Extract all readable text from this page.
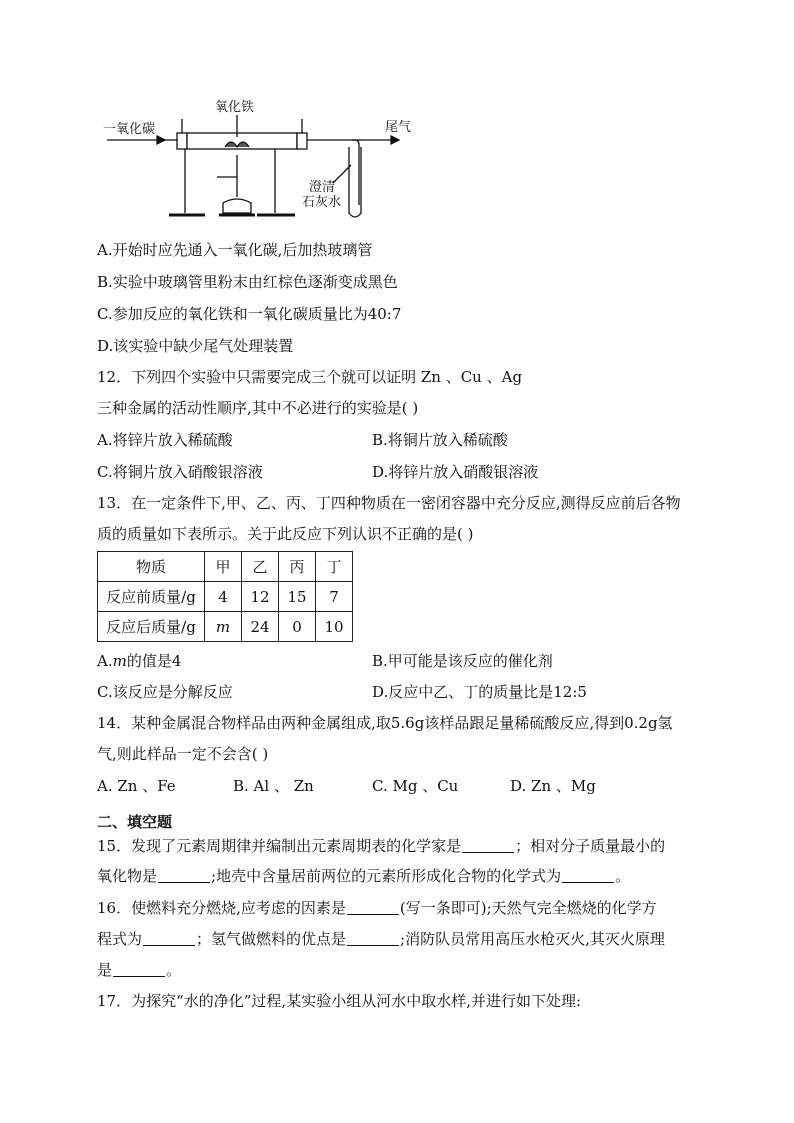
一氧化碳
氧化铁
尾气
澄清
石灰水
A.开始时应先通入一氧化碳,后加热玻璃管
B.实验中玻璃管里粉末由红棕色逐渐变成黑色
C.参加反应的氧化铁和一氧化碳质量比为40:7
D.该实验中缺少尾气处理装置
12．下列四个实验中只需要完成三个就可以证明 Zn 、Cu 、Ag
三种金属的活动性顺序,其中不必进行的实验是( )
A.将锌片放入稀硫酸	B.将铜片放入稀硫酸
C.将铜片放入硝酸银溶液	D.将锌片放入硝酸银溶液
13．在一定条件下,甲、乙、丙、丁四种物质在一密闭容器中充分反应,测得反应前后各物
质的质量如下表所示。关于此反应下列认识不正确的是( )
物质	甲	乙	丙	丁
反应前质量/g	4	12	15	7
反应后质量/g	m	24	0	10
A.m的值是4	B.甲可能是该反应的催化剂
C.该反应是分解反应	D.反应中乙、丁的质量比是12:5
14．某种金属混合物样品由两种金属组成,取5.6g该样品跟足量稀硫酸反应,得到0.2g氢
气,则此样品一定不会含( )
A. Zn 、Fe	B. Al 、 Zn	C. Mg 、Cu	D. Zn 、Mg
二、填空题
15．发现了元素周期律并编制出元素周期表的化学家是	；相对分子质量最小的
氧化物是	;地壳中含量居前两位的元素所形成化合物的化学式为	。
16．使燃料充分燃烧,应考虑的因素是	(写一条即可);天然气完全燃烧的化学方
程式为	；氢气做燃料的优点是	;消防队员常用高压水枪灭火,其灭火原理
是	。
17．为探究“水的净化”过程,某实验小组从河水中取水样,并进行如下处理:
